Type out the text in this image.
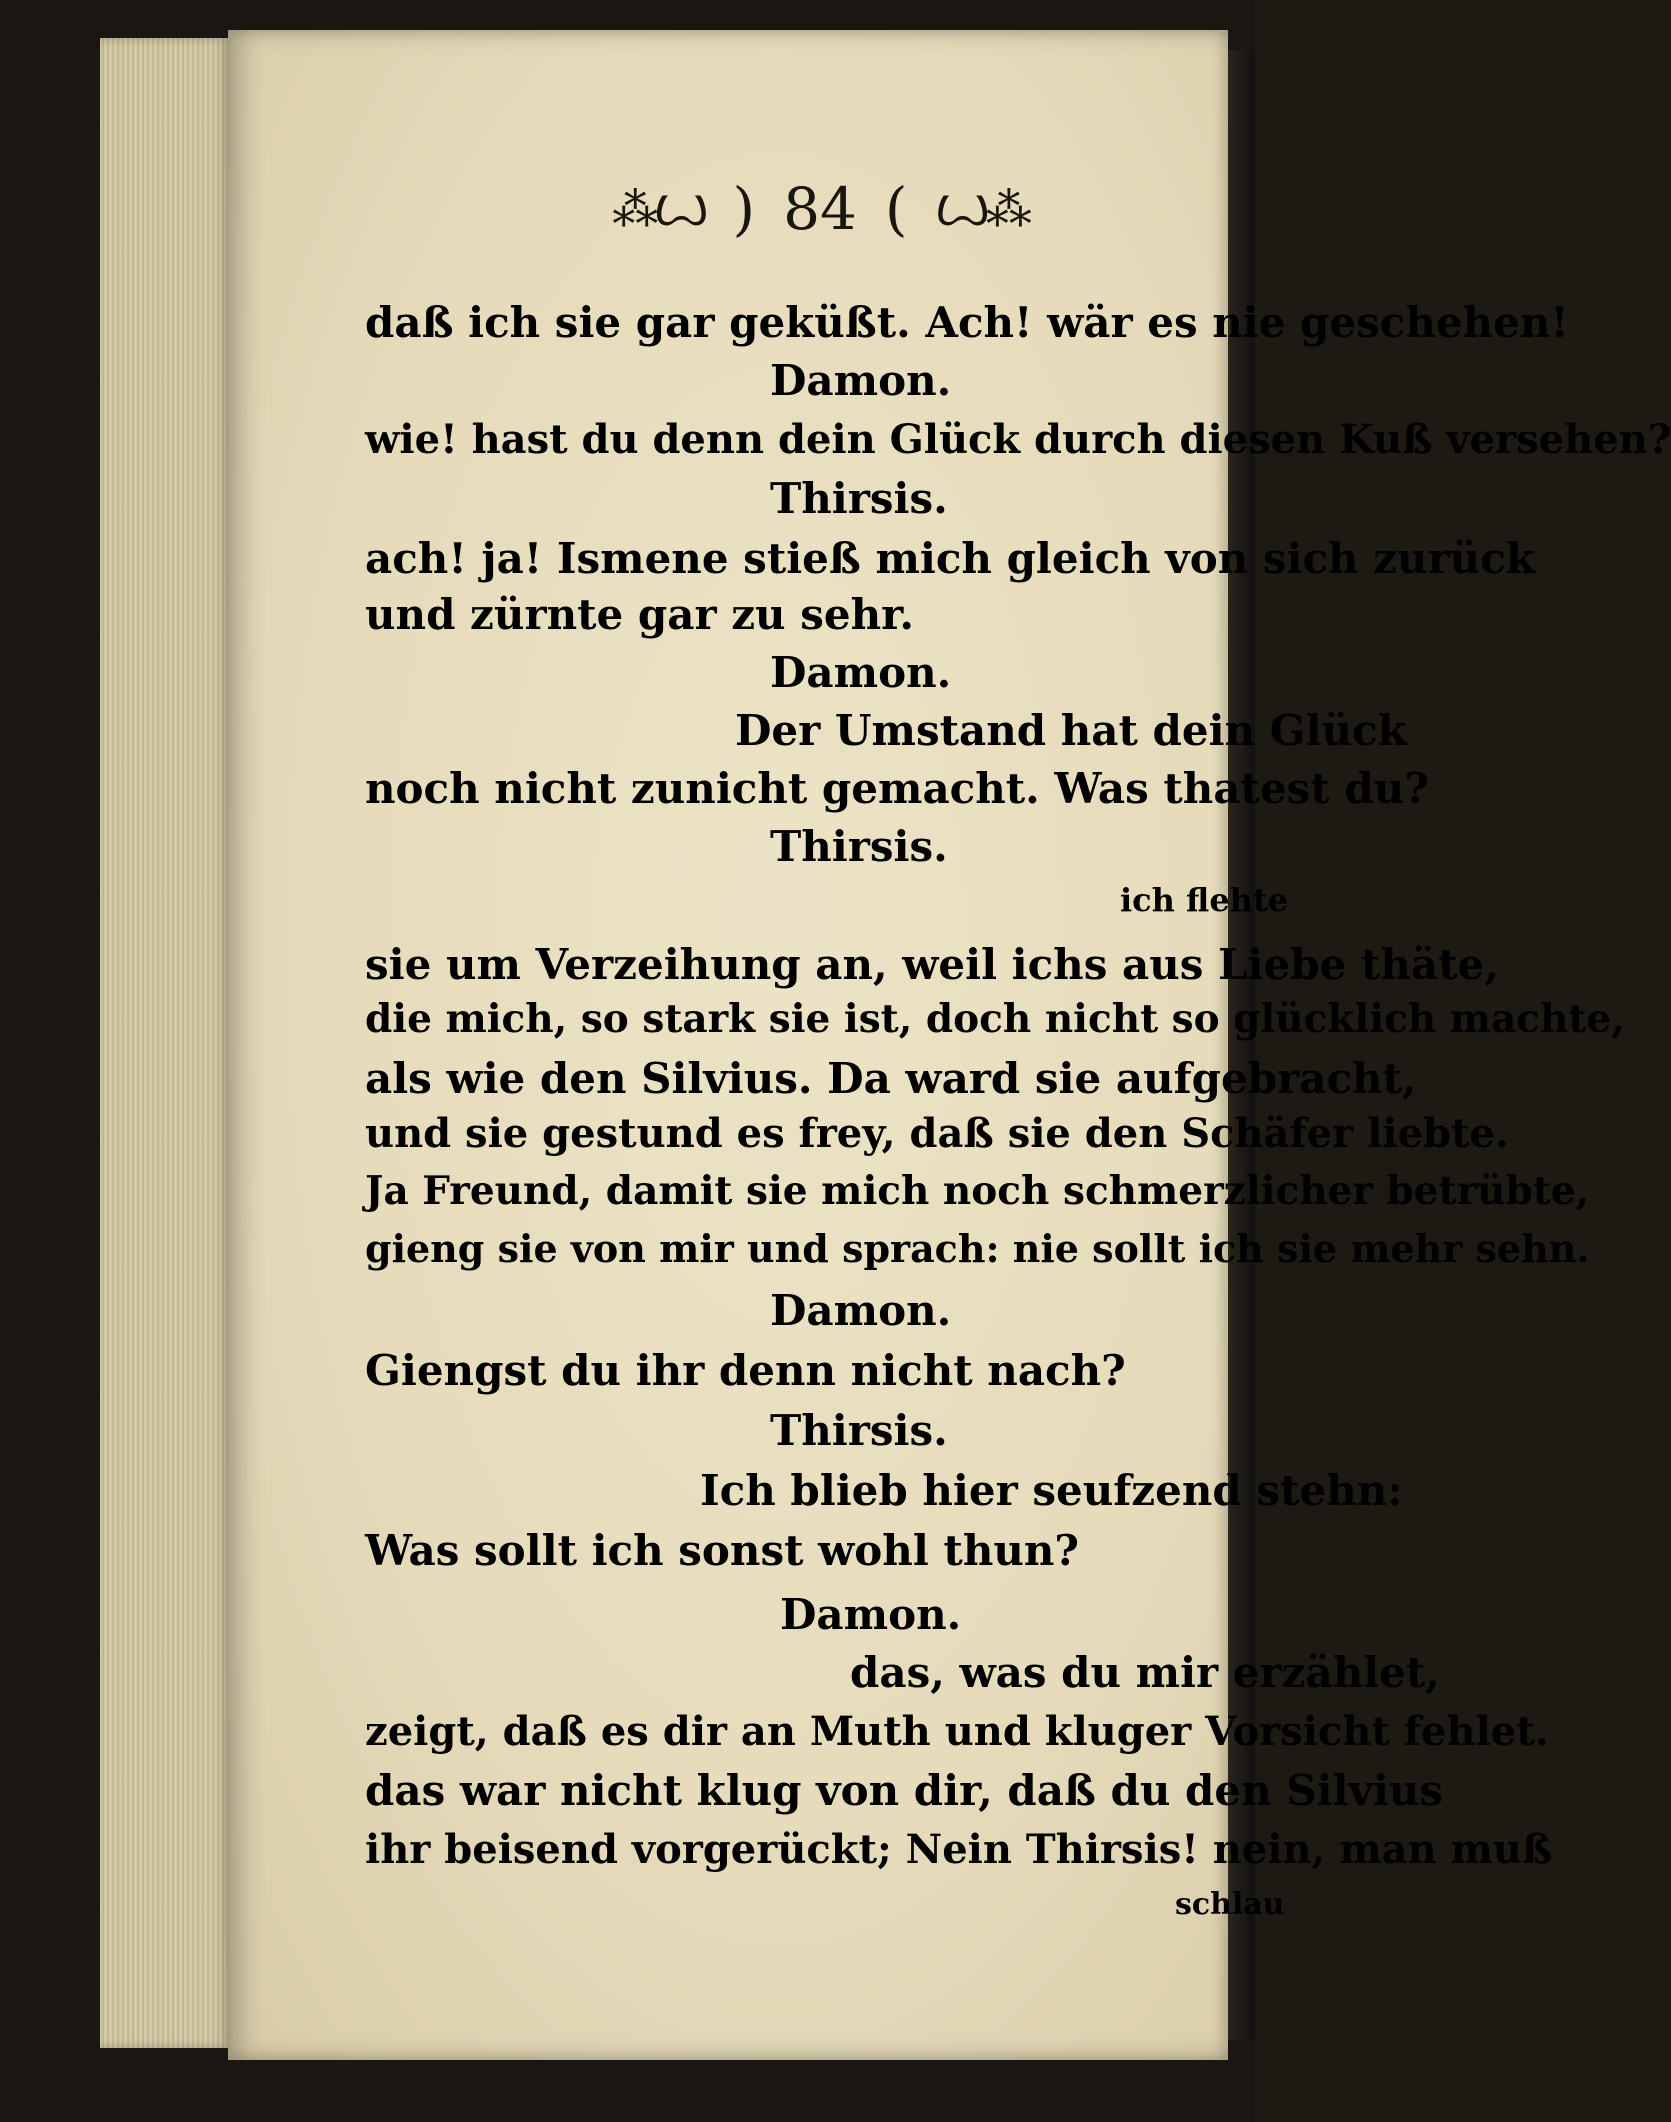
⁂Ꙍ ) 84 ( Ꙍ⁂
daß ich sie gar geküßt. Ach! wär es nie geschehen!
Damon.
wie! hast du denn dein Glück durch diesen Kuß versehen?
Thirsis.
ach! ja! Ismene stieß mich gleich von sich zurück
und zürnte gar zu sehr.
Damon.
Der Umstand hat dein Glück
noch nicht zunicht gemacht. Was thatest du?
Thirsis.
ich flehte
sie um Verzeihung an, weil ichs aus Liebe thäte,
die mich, so stark sie ist, doch nicht so glücklich machte,
als wie den Silvius. Da ward sie aufgebracht,
und sie gestund es frey, daß sie den Schäfer liebte.
Ja Freund, damit sie mich noch schmerzlicher betrübte,
gieng sie von mir und sprach: nie sollt ich sie mehr sehn.
Damon.
Giengst du ihr denn nicht nach?
Thirsis.
Ich blieb hier seufzend stehn:
Was sollt ich sonst wohl thun?
Damon.
das, was du mir erzählet,
zeigt, daß es dir an Muth und kluger Vorsicht fehlet.
das war nicht klug von dir, daß du den Silvius
ihr beisend vorgerückt; Nein Thirsis! nein, man muß
schlau
